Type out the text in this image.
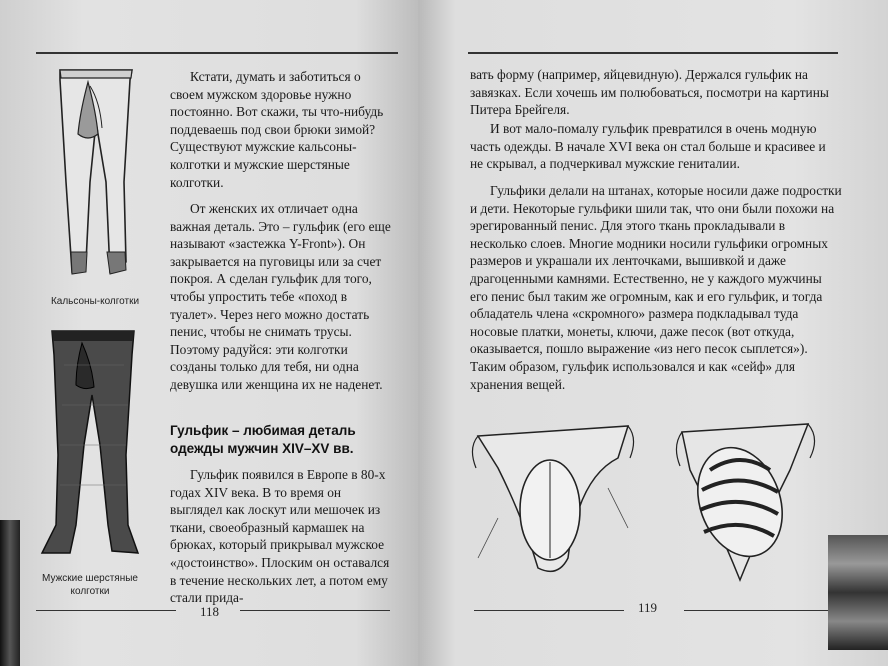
Кальсоны-колготки
Мужские шерстяные колготки

Кстати, думать и заботиться о своем мужском здоровье нужно постоянно. Вот скажи, ты что-нибудь поддеваешь под свои брюки зимой? Существуют мужские кальсоны-колготки и мужские шерстяные колготки.

От женских их отличает одна важная деталь. Это – гульфик (его еще называют «застежка Y-Front»). Он закрывается на пуговицы или за счет покроя. А сделан гульфик для того, чтобы упростить тебе «поход в туалет». Через него можно достать пенис, чтобы не снимать трусы. Поэтому радуйся: эти колготки созданы только для тебя, ни одна девушка или женщина их не наденет.

Гульфик – любимая деталь одежды мужчин XIV–XV вв.

Гульфик появился в Европе в 80-х годах XIV века. В то время он выглядел как лоскут или мешочек из ткани, своеобразный кармашек на брюках, который прикрывал мужское «достоинство». Плоским он оставался в течение нескольких лет, а потом ему стали прида-

118

вать форму (например, яйцевидную). Держался гульфик на завязках. Если хочешь им полюбоваться, посмотри на картины Питера Брейгеля.

И вот мало-помалу гульфик превратился в очень модную часть одежды. В начале XVI века он стал больше и красивее и не скрывал, а подчеркивал мужские гениталии.

Гульфики делали на штанах, которые носили даже подростки и дети. Некоторые гульфики шили так, что они были похожи на эрегированный пенис. Для этого ткань прокладывали в несколько слоев. Многие модники носили гульфики огромных размеров и украшали их ленточками, вышивкой и даже драгоценными камнями. Естественно, не у каждого мужчины его пенис был таким же огромным, как и его гульфик, и тогда обладатель члена «скромного» размера подкладывал туда носовые платки, монеты, ключи, даже песок (вот откуда, оказывается, пошло выражение «из него песок сыплется»). Таким образом, гульфик использовался и как «сейф» для хранения вещей.

119
